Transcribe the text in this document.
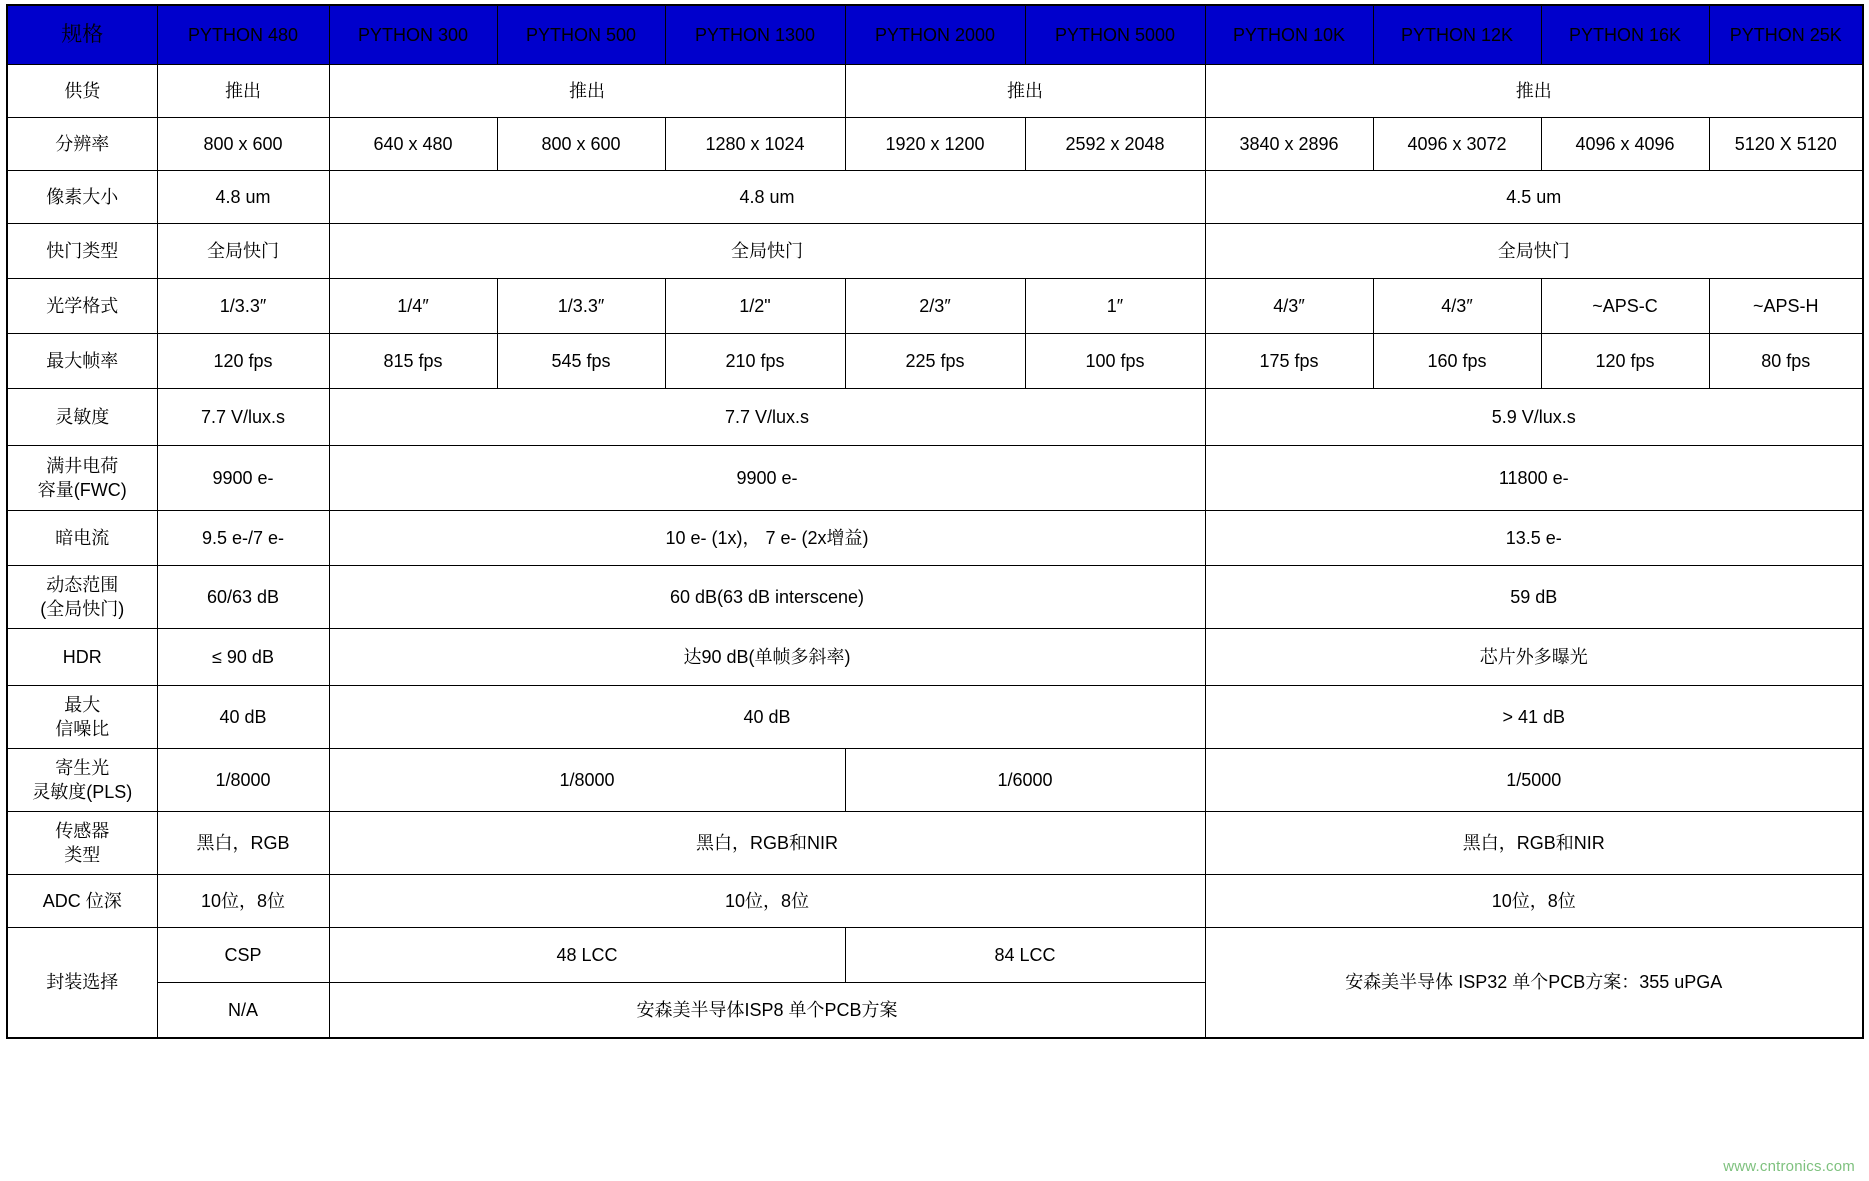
规格	PYTHON 480	PYTHON 300	PYTHON 500	PYTHON 1300	PYTHON 2000	PYTHON 5000	PYTHON 10K	PYTHON 12K	PYTHON 16K	PYTHON 25K
供货	推出	推出			推出		推出			
分辨率	800 x 600	640 x 480	800 x 600	1280 x 1024	1920 x 1200	2592 x 2048	3840 x 2896	4096 x 3072	4096 x 4096	5120 X 5120
像素大小	4.8 um	4.8 um					4.5 um			
快门类型	全局快门	全局快门					全局快门			
光学格式	1/3.3″	1/4″	1/3.3″	1/2"	2/3″	1″	4/3″	4/3″	~APS-C	~APS-H
最大帧率	120 fps	815 fps	545 fps	210 fps	225 fps	100 fps	175 fps	160 fps	120 fps	80 fps
灵敏度	7.7 V/lux.s	7.7 V/lux.s					5.9 V/lux.s			
满井电荷
容量(FWC)	9900 e-	9900 e-					11800 e-			
暗电流	9.5 e-/7 e-	10 e- (1x)， 7 e- (2x增益)					13.5 e-			
动态范围
(全局快门)	60/63 dB	60 dB(63 dB interscene)					59 dB			
HDR	≤ 90 dB	达90 dB(单帧多斜率)					芯片外多曝光			
最大
信噪比	40 dB	40 dB					> 41 dB			
寄生光
灵敏度(PLS)	1/8000	1/8000			1/6000		1/5000			
传感器
类型	黑白，RGB	黑白，RGB和NIR					黑白，RGB和NIR			
ADC 位深	10位，8位	10位，8位					10位，8位			
封装选择	CSP	48 LCC			84 LCC		安森美半导体 ISP32 单个PCB方案：355 uPGA			
	N/A	安森美半导体ISP8 单个PCB方案								
www.cntronics.com
